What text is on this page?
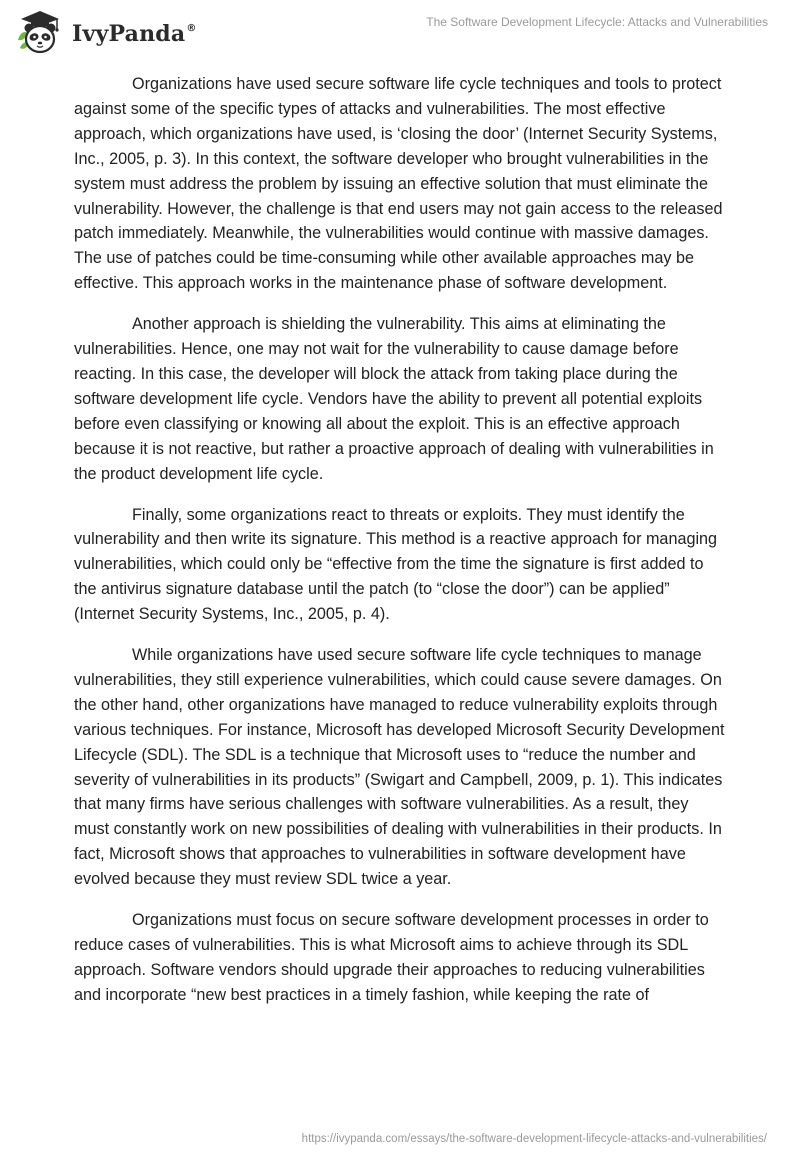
IvyPanda®	The Software Development Lifecycle: Attacks and Vulnerabilities

Organizations have used secure software life cycle techniques and tools to protect against some of the specific types of attacks and vulnerabilities. The most effective approach, which organizations have used, is ‘closing the door’ (Internet Security Systems, Inc., 2005, p. 3). In this context, the software developer who brought vulnerabilities in the system must address the problem by issuing an effective solution that must eliminate the vulnerability. However, the challenge is that end users may not gain access to the released patch immediately. Meanwhile, the vulnerabilities would continue with massive damages. The use of patches could be time-consuming while other available approaches may be effective. This approach works in the maintenance phase of software development.

Another approach is shielding the vulnerability. This aims at eliminating the vulnerabilities. Hence, one may not wait for the vulnerability to cause damage before reacting. In this case, the developer will block the attack from taking place during the software development life cycle. Vendors have the ability to prevent all potential exploits before even classifying or knowing all about the exploit. This is an effective approach because it is not reactive, but rather a proactive approach of dealing with vulnerabilities in the product development life cycle.

Finally, some organizations react to threats or exploits. They must identify the vulnerability and then write its signature. This method is a reactive approach for managing vulnerabilities, which could only be “effective from the time the signature is first added to the antivirus signature database until the patch (to “close the door”) can be applied” (Internet Security Systems, Inc., 2005, p. 4).

While organizations have used secure software life cycle techniques to manage vulnerabilities, they still experience vulnerabilities, which could cause severe damages. On the other hand, other organizations have managed to reduce vulnerability exploits through various techniques. For instance, Microsoft has developed Microsoft Security Development Lifecycle (SDL). The SDL is a technique that Microsoft uses to “reduce the number and severity of vulnerabilities in its products” (Swigart and Campbell, 2009, p. 1). This indicates that many firms have serious challenges with software vulnerabilities. As a result, they must constantly work on new possibilities of dealing with vulnerabilities in their products. In fact, Microsoft shows that approaches to vulnerabilities in software development have evolved because they must review SDL twice a year.

Organizations must focus on secure software development processes in order to reduce cases of vulnerabilities. This is what Microsoft aims to achieve through its SDL approach. Software vendors should upgrade their approaches to reducing vulnerabilities and incorporate “new best practices in a timely fashion, while keeping the rate of

https://ivypanda.com/essays/the-software-development-lifecycle-attacks-and-vulnerabilities/
